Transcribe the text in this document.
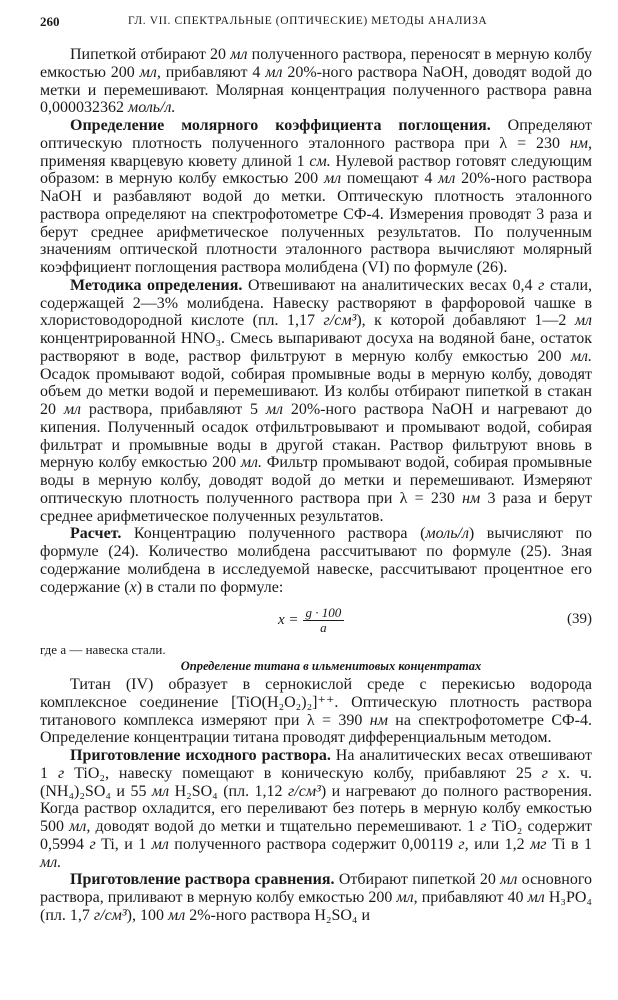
260	ГЛ. VII. СПЕКТРАЛЬНЫЕ (ОПТИЧЕСКИЕ) МЕТОДЫ АНАЛИЗА

Пипеткой отбирают 20 мл полученного раствора, переносят в мерную колбу емкостью 200 мл, прибавляют 4 мл 20%-ного раствора NaOH, доводят водой до метки и перемешивают. Молярная концентрация полученного раствора равна 0,000032362 моль/л.

Определение молярного коэффициента поглощения. Определяют оптическую плотность полученного эталонного раствора при λ = 230 нм, применяя кварцевую кювету длиной 1 см. Нулевой раствор готовят следующим образом: в мерную колбу емкостью 200 мл помещают 4 мл 20%-ного раствора NaOH и разбавляют водой до метки. Оптическую плотность эталонного раствора определяют на спектрофотометре СФ-4. Измерения проводят 3 раза и берут среднее арифметическое полученных результатов. По полученным значениям оптической плотности эталонного раствора вычисляют молярный коэффициент поглощения раствора молибдена (VI) по формуле (26).

Методика определения. Отвешивают на аналитических весах 0,4 г стали, содержащей 2—3% молибдена. Навеску растворяют в фарфоровой чашке в хлористоводородной кислоте (пл. 1,17 г/см³), к которой добавляют 1—2 мл концентрированной HNO₃. Смесь выпаривают досуха на водяной бане, остаток растворяют в воде, раствор фильтруют в мерную колбу емкостью 200 мл. Осадок промывают водой, собирая промывные воды в мерную колбу, доводят объем до метки водой и перемешивают. Из колбы отбирают пипеткой в стакан 20 мл раствора, прибавляют 5 мл 20%-ного раствора NaOH и нагревают до кипения. Полученный осадок отфильтровывают и промывают водой, собирая фильтрат и промывные воды в другой стакан. Раствор фильтруют вновь в мерную колбу емкостью 200 мл. Фильтр промывают водой, собирая промывные воды в мерную колбу, доводят водой до метки и перемешивают. Измеряют оптическую плотность полученного раствора при λ = 230 нм 3 раза и берут среднее арифметическое полученных результатов.

Расчет. Концентрацию полученного раствора (моль/л) вычисляют по формуле (24). Количество молибдена рассчитывают по формуле (25). Зная содержание молибдена в исследуемой навеске, рассчитывают процентное его содержание (x) в стали по формуле:

$x = \frac{g \cdot 100}{a}$	(39)

где a — навеска стали.

Определение титана в ильменитовых концентратах

Титан (IV) образует в сернокислой среде с перекисью водорода комплексное соединение [TiO(H₂O₂)₂]⁺⁺. Оптическую плотность раствора титанового комплекса измеряют при λ = 390 нм на спектрофотометре СФ-4. Определение концентрации титана проводят дифференциальным методом.

Приготовление исходного раствора. На аналитических весах отвешивают 1 г TiO₂, навеску помещают в коническую колбу, прибавляют 25 г х. ч. (NH₄)₂SO₄ и 55 мл H₂SO₄ (пл. 1,12 г/см³) и нагревают до полного растворения. Когда раствор охладится, его переливают без потерь в мерную колбу емкостью 500 мл, доводят водой до метки и тщательно перемешивают. 1 г TiO₂ содержит 0,5994 г Ti, и 1 мл полученного раствора содержит 0,00119 г, или 1,2 мг Ti в 1 мл.

Приготовление раствора сравнения. Отбирают пипеткой 20 мл основного раствора, приливают в мерную колбу емкостью 200 мл, прибавляют 40 мл H₃PO₄ (пл. 1,7 г/см³), 100 мл 2%-ного раствора H₂SO₄ и
